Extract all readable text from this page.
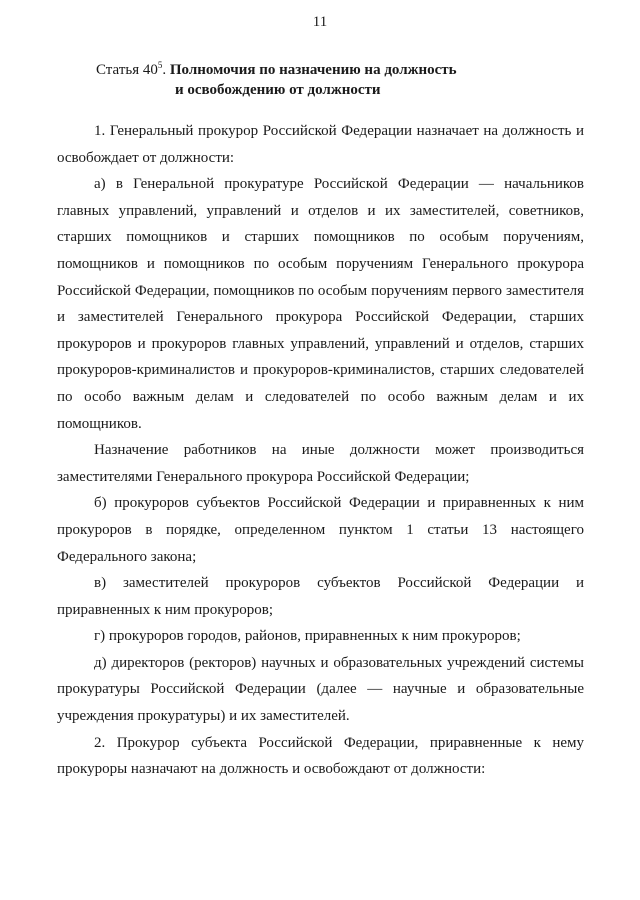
11
Статья $40^5$. Полномочия по назначению на должность
и освобождению от должности

1. Генеральный прокурор Российской Федерации назначает на должность и освобождает от должности:

а) в Генеральной прокуратуре Российской Федерации — начальников главных управлений, управлений и отделов и их заместителей, советников, старших помощников и старших помощников по особым поручениям, помощников и помощников по особым поручениям Генерального прокурора Российской Федерации, помощников по особым поручениям первого заместителя и заместителей Генерального прокурора Российской Федерации, старших прокуроров и прокуроров главных управлений, управлений и отделов, старших прокуроров-криминалистов и прокуроров-криминалистов, старших следователей по особо важным делам и следователей по особо важным делам и их помощников.

Назначение работников на иные должности может производиться заместителями Генерального прокурора Российской Федерации;

б) прокуроров субъектов Российской Федерации и приравненных к ним прокуроров в порядке, определенном пунктом 1 статьи 13 настоящего Федерального закона;

в) заместителей прокуроров субъектов Российской Федерации и приравненных к ним прокуроров;

г) прокуроров городов, районов, приравненных к ним прокуроров;

д) директоров (ректоров) научных и образовательных учреждений системы прокуратуры Российской Федерации (далее — научные и образовательные учреждения прокуратуры) и их заместителей.

2. Прокурор субъекта Российской Федерации, приравненные к нему прокуроры назначают на должность и освобождают от должности:
